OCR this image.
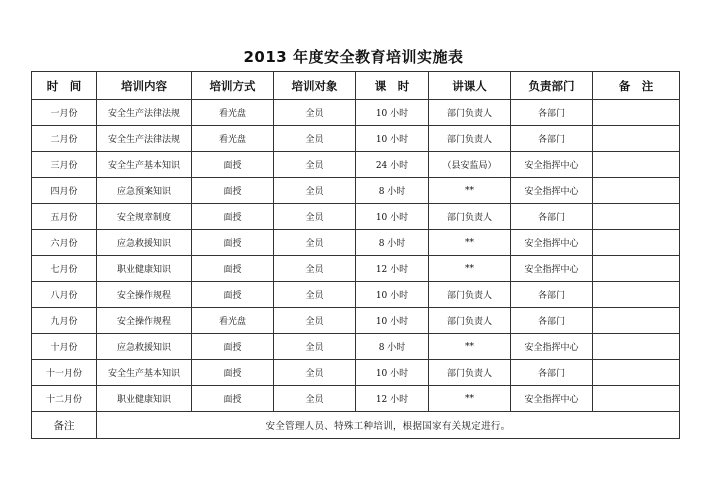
2013 年度安全教育培训实施表
时　间	培训内容	培训方式	培训对象	课　时	讲课人	负责部门	备　注
一月份	安全生产法律法规	看光盘	全员	10 小时	部门负责人	各部门	
二月份	安全生产法律法规	看光盘	全员	10 小时	部门负责人	各部门	
三月份	安全生产基本知识	面授	全员	24 小时	（县安监局）	安全指挥中心	
四月份	应急预案知识	面授	全员	8 小时	**	安全指挥中心	
五月份	安全规章制度	面授	全员	10 小时	部门负责人	各部门	
六月份	应急救援知识	面授	全员	8 小时	**	安全指挥中心	
七月份	职业健康知识	面授	全员	12 小时	**	安全指挥中心	
八月份	安全操作规程	面授	全员	10 小时	部门负责人	各部门	
九月份	安全操作规程	看光盘	全员	10 小时	部门负责人	各部门	
十月份	应急救援知识	面授	全员	8 小时	**	安全指挥中心	
十一月份	安全生产基本知识	面授	全员	10 小时	部门负责人	各部门	
十二月份	职业健康知识	面授	全员	12 小时	**	安全指挥中心	
备注	安全管理人员、特殊工种培训，根据国家有关规定进行。						
